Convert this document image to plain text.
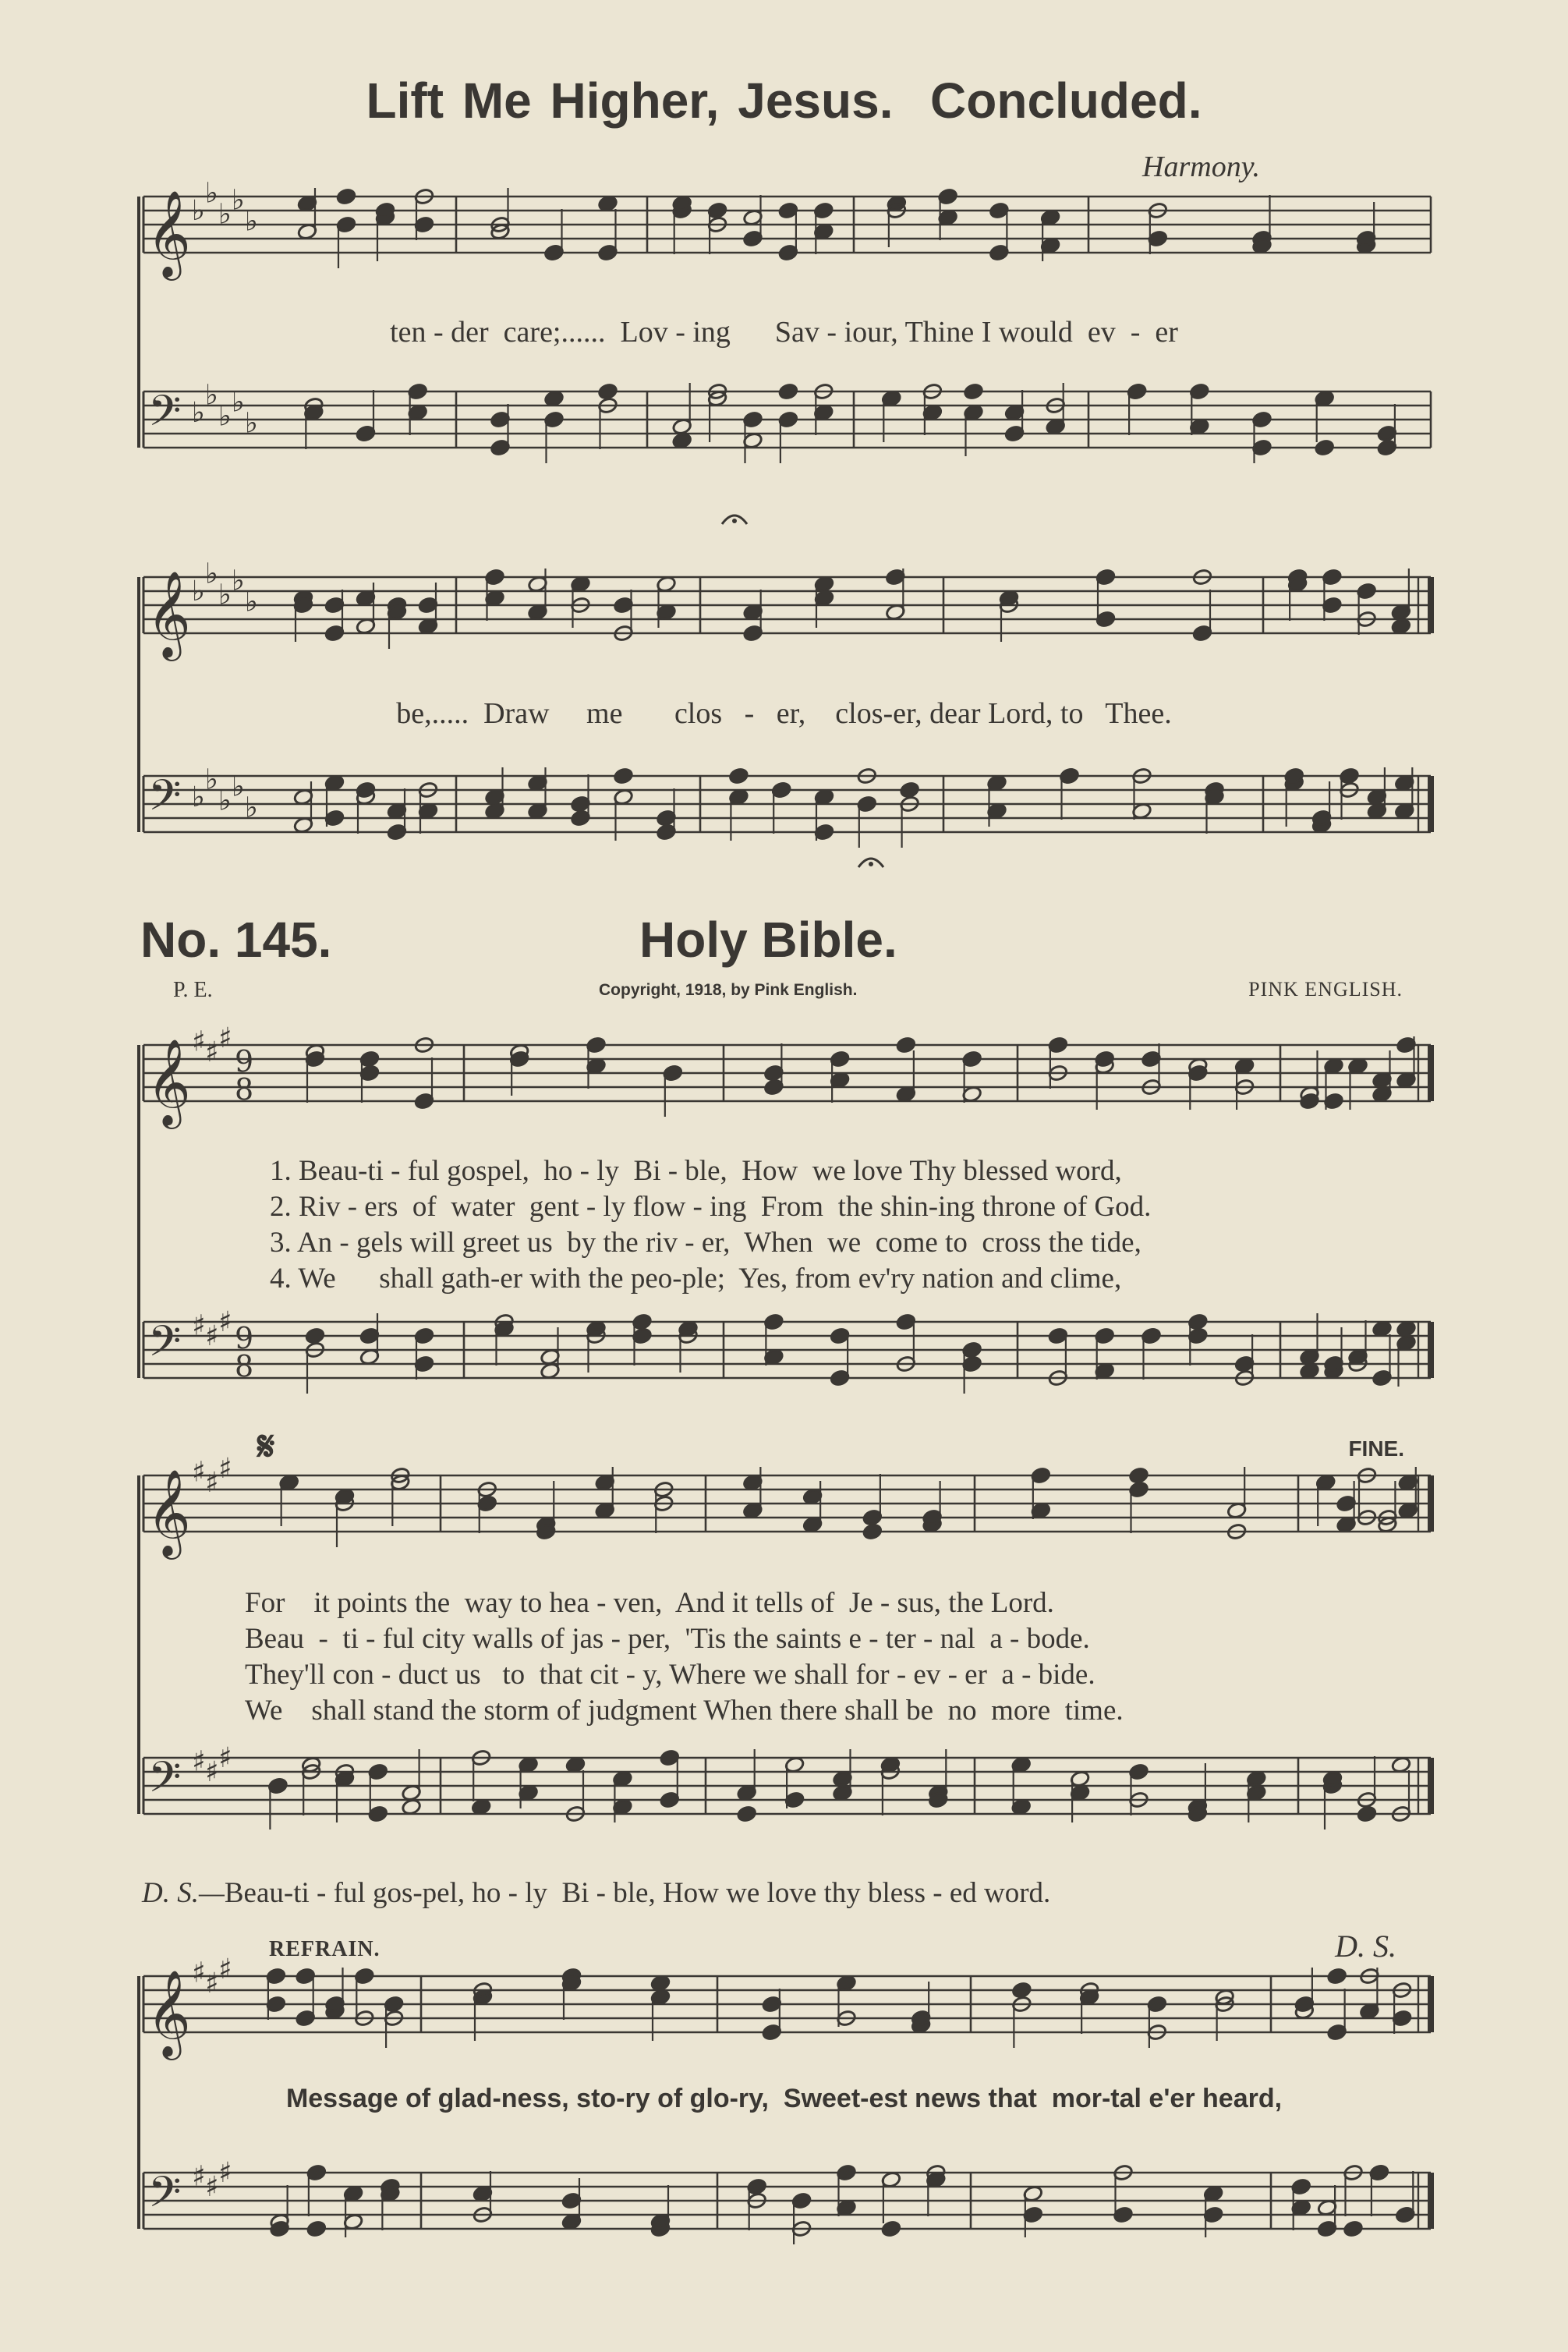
𝄞 ♭
♭
♭ ♭
♭
𝄢 ♭
♭
♭ ♭
♭
𝄞 ♭
♭
♭ ♭
♭
𝄢 ♭
♭
♭ ♭
♭
𝄞 ♯ ♯ ♯
9
8
𝄢 ♯ ♯ ♯ 9
8
𝄞 ♯ ♯ ♯
𝄢 ♯ ♯ ♯
𝄞 ♯ ♯ ♯
𝄢 ♯ ♯ ♯
Lift Me Higher, Jesus.  Concluded.
Harmony.
ten - der  care;......  Lov - ing      Sav - iour, Thine I would  ev  -  er
be,.....  Draw     me       clos   -   er,    clos-er, dear Lord, to   Thee.
No. 145.	Holy Bible.
P. E.	Copyright, 1918, by Pink English.	PINK ENGLISH.
1. Beau-ti - ful gospel,  ho - ly  Bi - ble,  How  we love Thy blessed word,
2. Riv - ers  of  water  gent - ly flow - ing  From  the shin-ing throne of God.
3. An - gels will greet us  by the riv - er,  When  we  come to  cross the tide,
4. We      shall gath-er with the peo-ple;  Yes, from ev'ry nation and clime,
𝄋	FINE.
For    it points the  way to hea - ven,  And it tells of  Je - sus, the Lord.
Beau  -  ti - ful city walls of jas - per,  'Tis the saints e - ter - nal  a - bode.
They'll con - duct us   to  that cit - y, Where we shall for - ev - er  a - bide.
We    shall stand the storm of judgment When there shall be  no  more  time.
D. S.—Beau-ti - ful gos-pel, ho - ly  Bi - ble, How we love thy bless - ed word.
REFRAIN.	D. S.
Message of glad-ness, sto-ry of glo-ry,  Sweet-est news that  mor-tal e'er heard,
